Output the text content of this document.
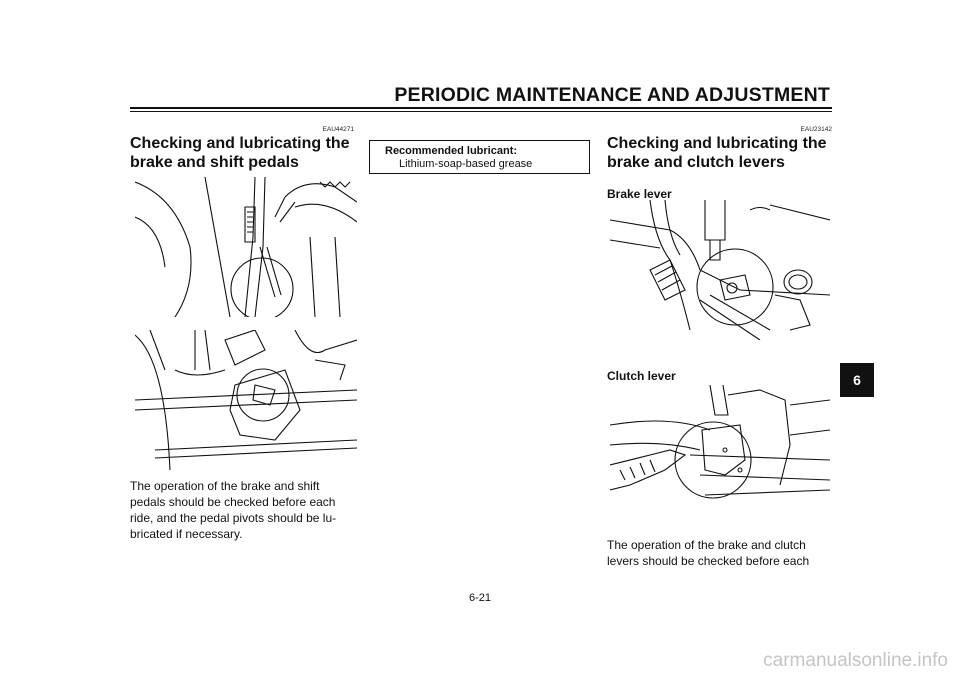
PERIODIC MAINTENANCE AND ADJUSTMENT
EAU44271
Checking and lubricating the
brake and shift pedals
The operation of the brake and shift
pedals should be checked before each
ride, and the pedal pivots should be lu-
bricated if necessary.
Recommended lubricant:
Lithium-soap-based grease
EAU23142
Checking and lubricating the
brake and clutch levers
Brake lever
Clutch lever
The operation of the brake and clutch
levers should be checked before each
6
6-21
carmanualsonline.info
